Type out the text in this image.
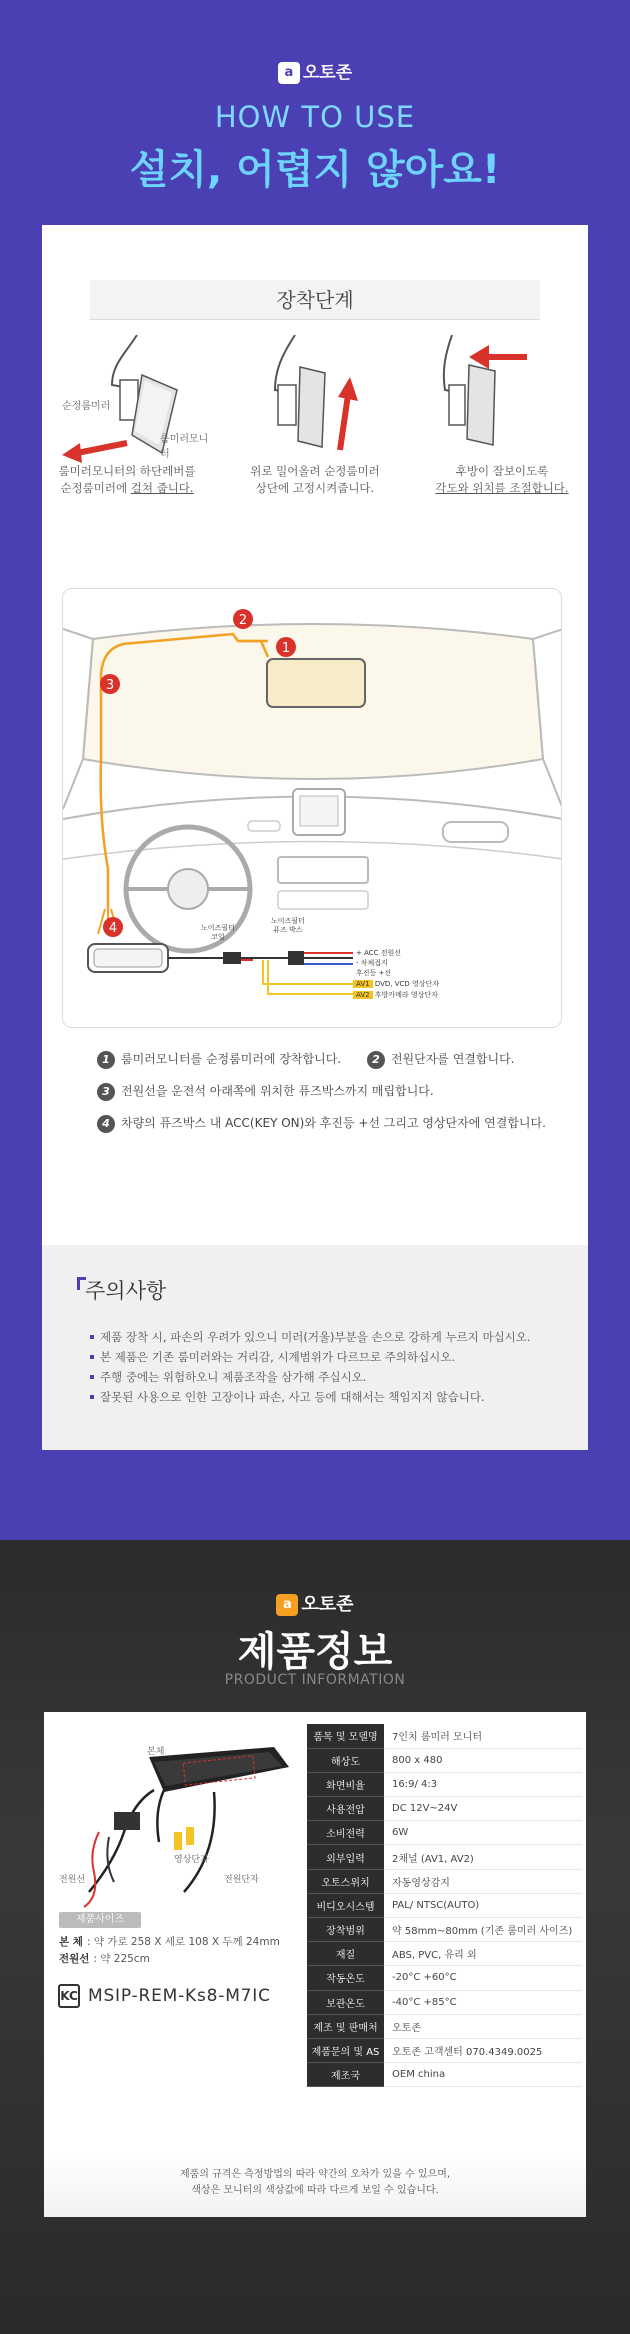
a 오토존
HOW TO USE
설치, 어렵지 않아요!
장착단계
순정룸미러
룸미러모니터
룸미러모니터의 하단레버를
순정룸미러에 걸쳐 줍니다.
위로 밀어올려 순정룸미러
상단에 고정시켜줍니다.
후방이 잘보이도록
각도와 위치를 조절합니다.
1
2
3
4	노이즈필터
코일
노이즈필터
퓨즈 박스
+ ACC 전원선
- 차체접지
후진등 +선
AV1 DVD, VCD 영상단자
AV2 후방카메라 영상단자
1 룸미러모니터를 순정룸미러에 장착합니다.	2 전원단자를 연결합니다.
3 전원선을 운전석 아래쪽에 위치한 퓨즈박스까지 매립합니다.
4 차량의 퓨즈박스 내 ACC(KEY ON)와 후진등 +선 그리고 영상단자에 연결합니다.
주의사항
제품 장착 시, 파손의 우려가 있으니 미러(거울)부분을 손으로 강하게 누르지 마십시오.
본 제품은 기존 룸미러와는 거리감, 시계범위가 다르므로 주의하십시오.
주행 중에는 위험하오니 제품조작을 삼가해 주십시오.
잘못된 사용으로 인한 고장이나 파손, 사고 등에 대해서는 책임지지 않습니다.
a 오토존
제품정보
PRODUCT INFORMATION
본체
전원선
영상단자
전원단자
제품사이즈
본 체 : 약 가로 258 X 세로 108 X 두께 24mm
전원선 : 약 225cm
KC MSIP-REM-Ks8-M7IC
품목 및 모델명	7인치 룸미러 모니터
해상도	800 x 480
화면비율	16:9/ 4:3
사용전압	DC 12V~24V
소비전력	6W
외부입력	2채널 (AV1, AV2)
오토스위치	자동영상감지
비디오시스템	PAL/ NTSC(AUTO)
장착범위	약 58mm~80mm (기존 룸미러 사이즈)
재질	ABS, PVC, 유리 외
작동온도	-20°C +60°C
보관온도	-40°C +85°C
제조 및 판매처	오토존
제품문의 및 AS	오토존 고객센터 070.4349.0025
제조국	OEM china
제품의 규격은 측정방법의 따라 약간의 오차가 있을 수 있으며,
색상은 모니터의 색상값에 따라 다르게 보일 수 있습니다.
